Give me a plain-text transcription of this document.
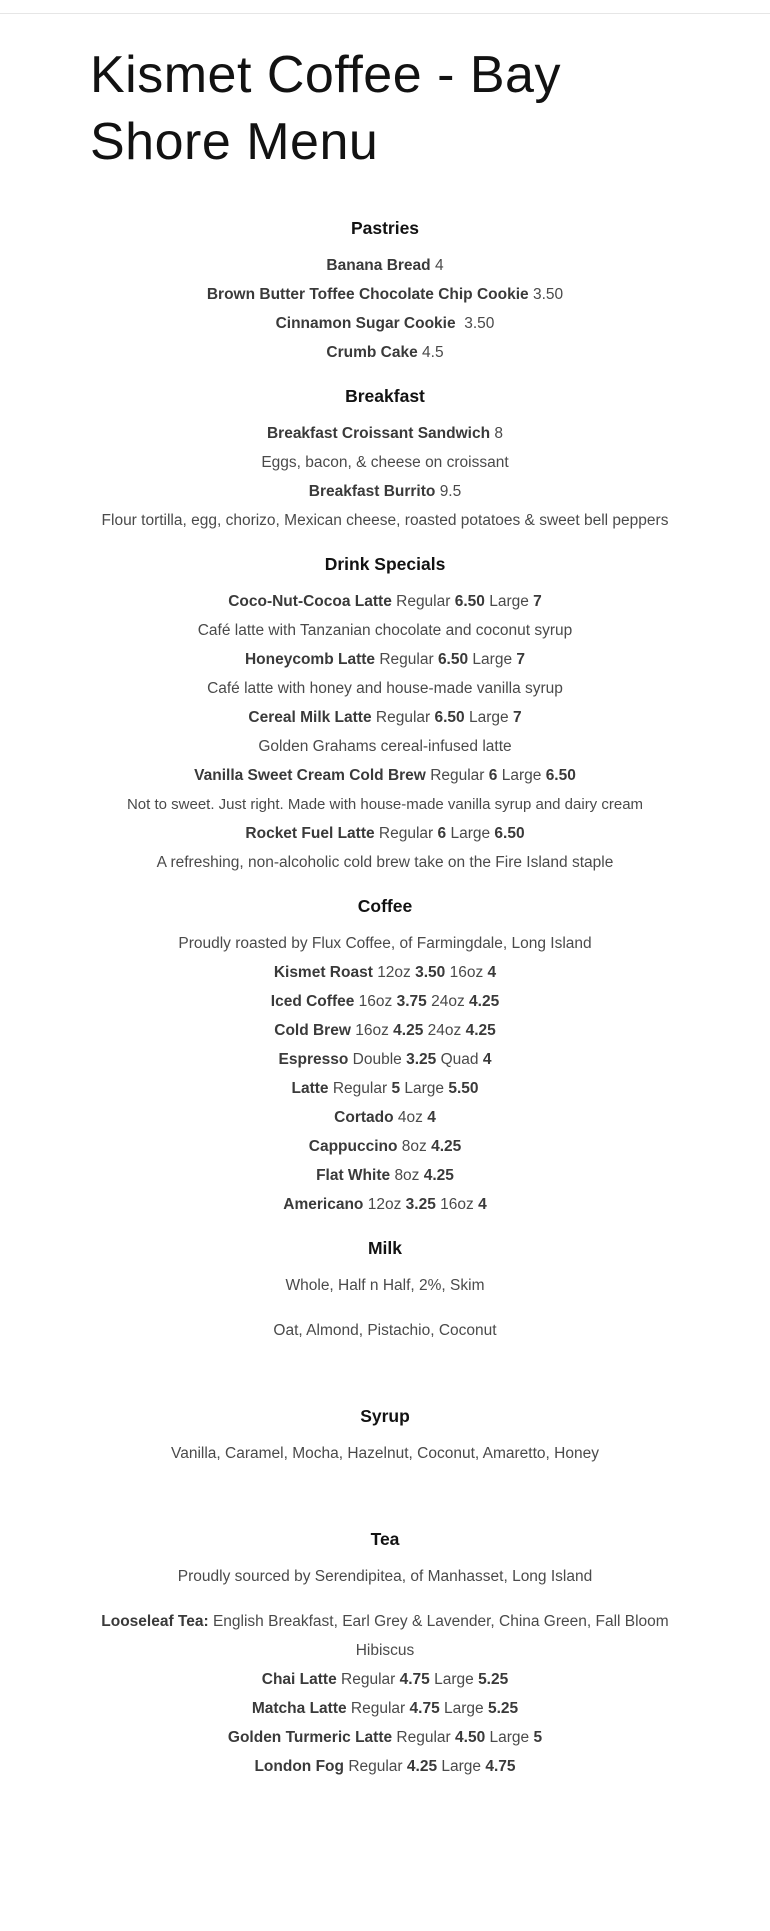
Kismet Coffee - Bay Shore Menu
Pastries

Banana Bread 4

Brown Butter Toffee Chocolate Chip Cookie 3.50

Cinnamon Sugar Cookie 3.50

Crumb Cake 4.5

Breakfast

Breakfast Croissant Sandwich 8

Eggs, bacon, & cheese on croissant

Breakfast Burrito 9.5

Flour tortilla, egg, chorizo, Mexican cheese, roasted potatoes & sweet bell peppers

Drink Specials

Coco-Nut-Cocoa Latte Regular 6.50 Large 7

Café latte with Tanzanian chocolate and coconut syrup

Honeycomb Latte Regular 6.50 Large 7

Café latte with honey and house-made vanilla syrup

Cereal Milk Latte Regular 6.50 Large 7

Golden Grahams cereal-infused latte

Vanilla Sweet Cream Cold Brew Regular 6 Large 6.50

Not to sweet. Just right. Made with house-made vanilla syrup and dairy cream

Rocket Fuel Latte Regular 6 Large 6.50

A refreshing, non-alcoholic cold brew take on the Fire Island staple

Coffee

Proudly roasted by Flux Coffee, of Farmingdale, Long Island

Kismet Roast 12oz 3.50 16oz 4

Iced Coffee 16oz 3.75 24oz 4.25

Cold Brew 16oz 4.25 24oz 4.25

Espresso Double 3.25 Quad 4

Latte Regular 5 Large 5.50

Cortado 4oz 4

Cappuccino 8oz 4.25

Flat White 8oz 4.25

Americano 12oz 3.25 16oz 4

Milk

Whole, Half n Half, 2%, Skim

Oat, Almond, Pistachio, Coconut

Syrup

Vanilla, Caramel, Mocha, Hazelnut, Coconut, Amaretto, Honey

Tea

Proudly sourced by Serendipitea, of Manhasset, Long Island

Looseleaf Tea: English Breakfast, Earl Grey & Lavender, China Green, Fall Bloom Hibiscus

Chai Latte Regular 4.75 Large 5.25

Matcha Latte Regular 4.75 Large 5.25

Golden Turmeric Latte Regular 4.50 Large 5

London Fog Regular 4.25 Large 4.75
